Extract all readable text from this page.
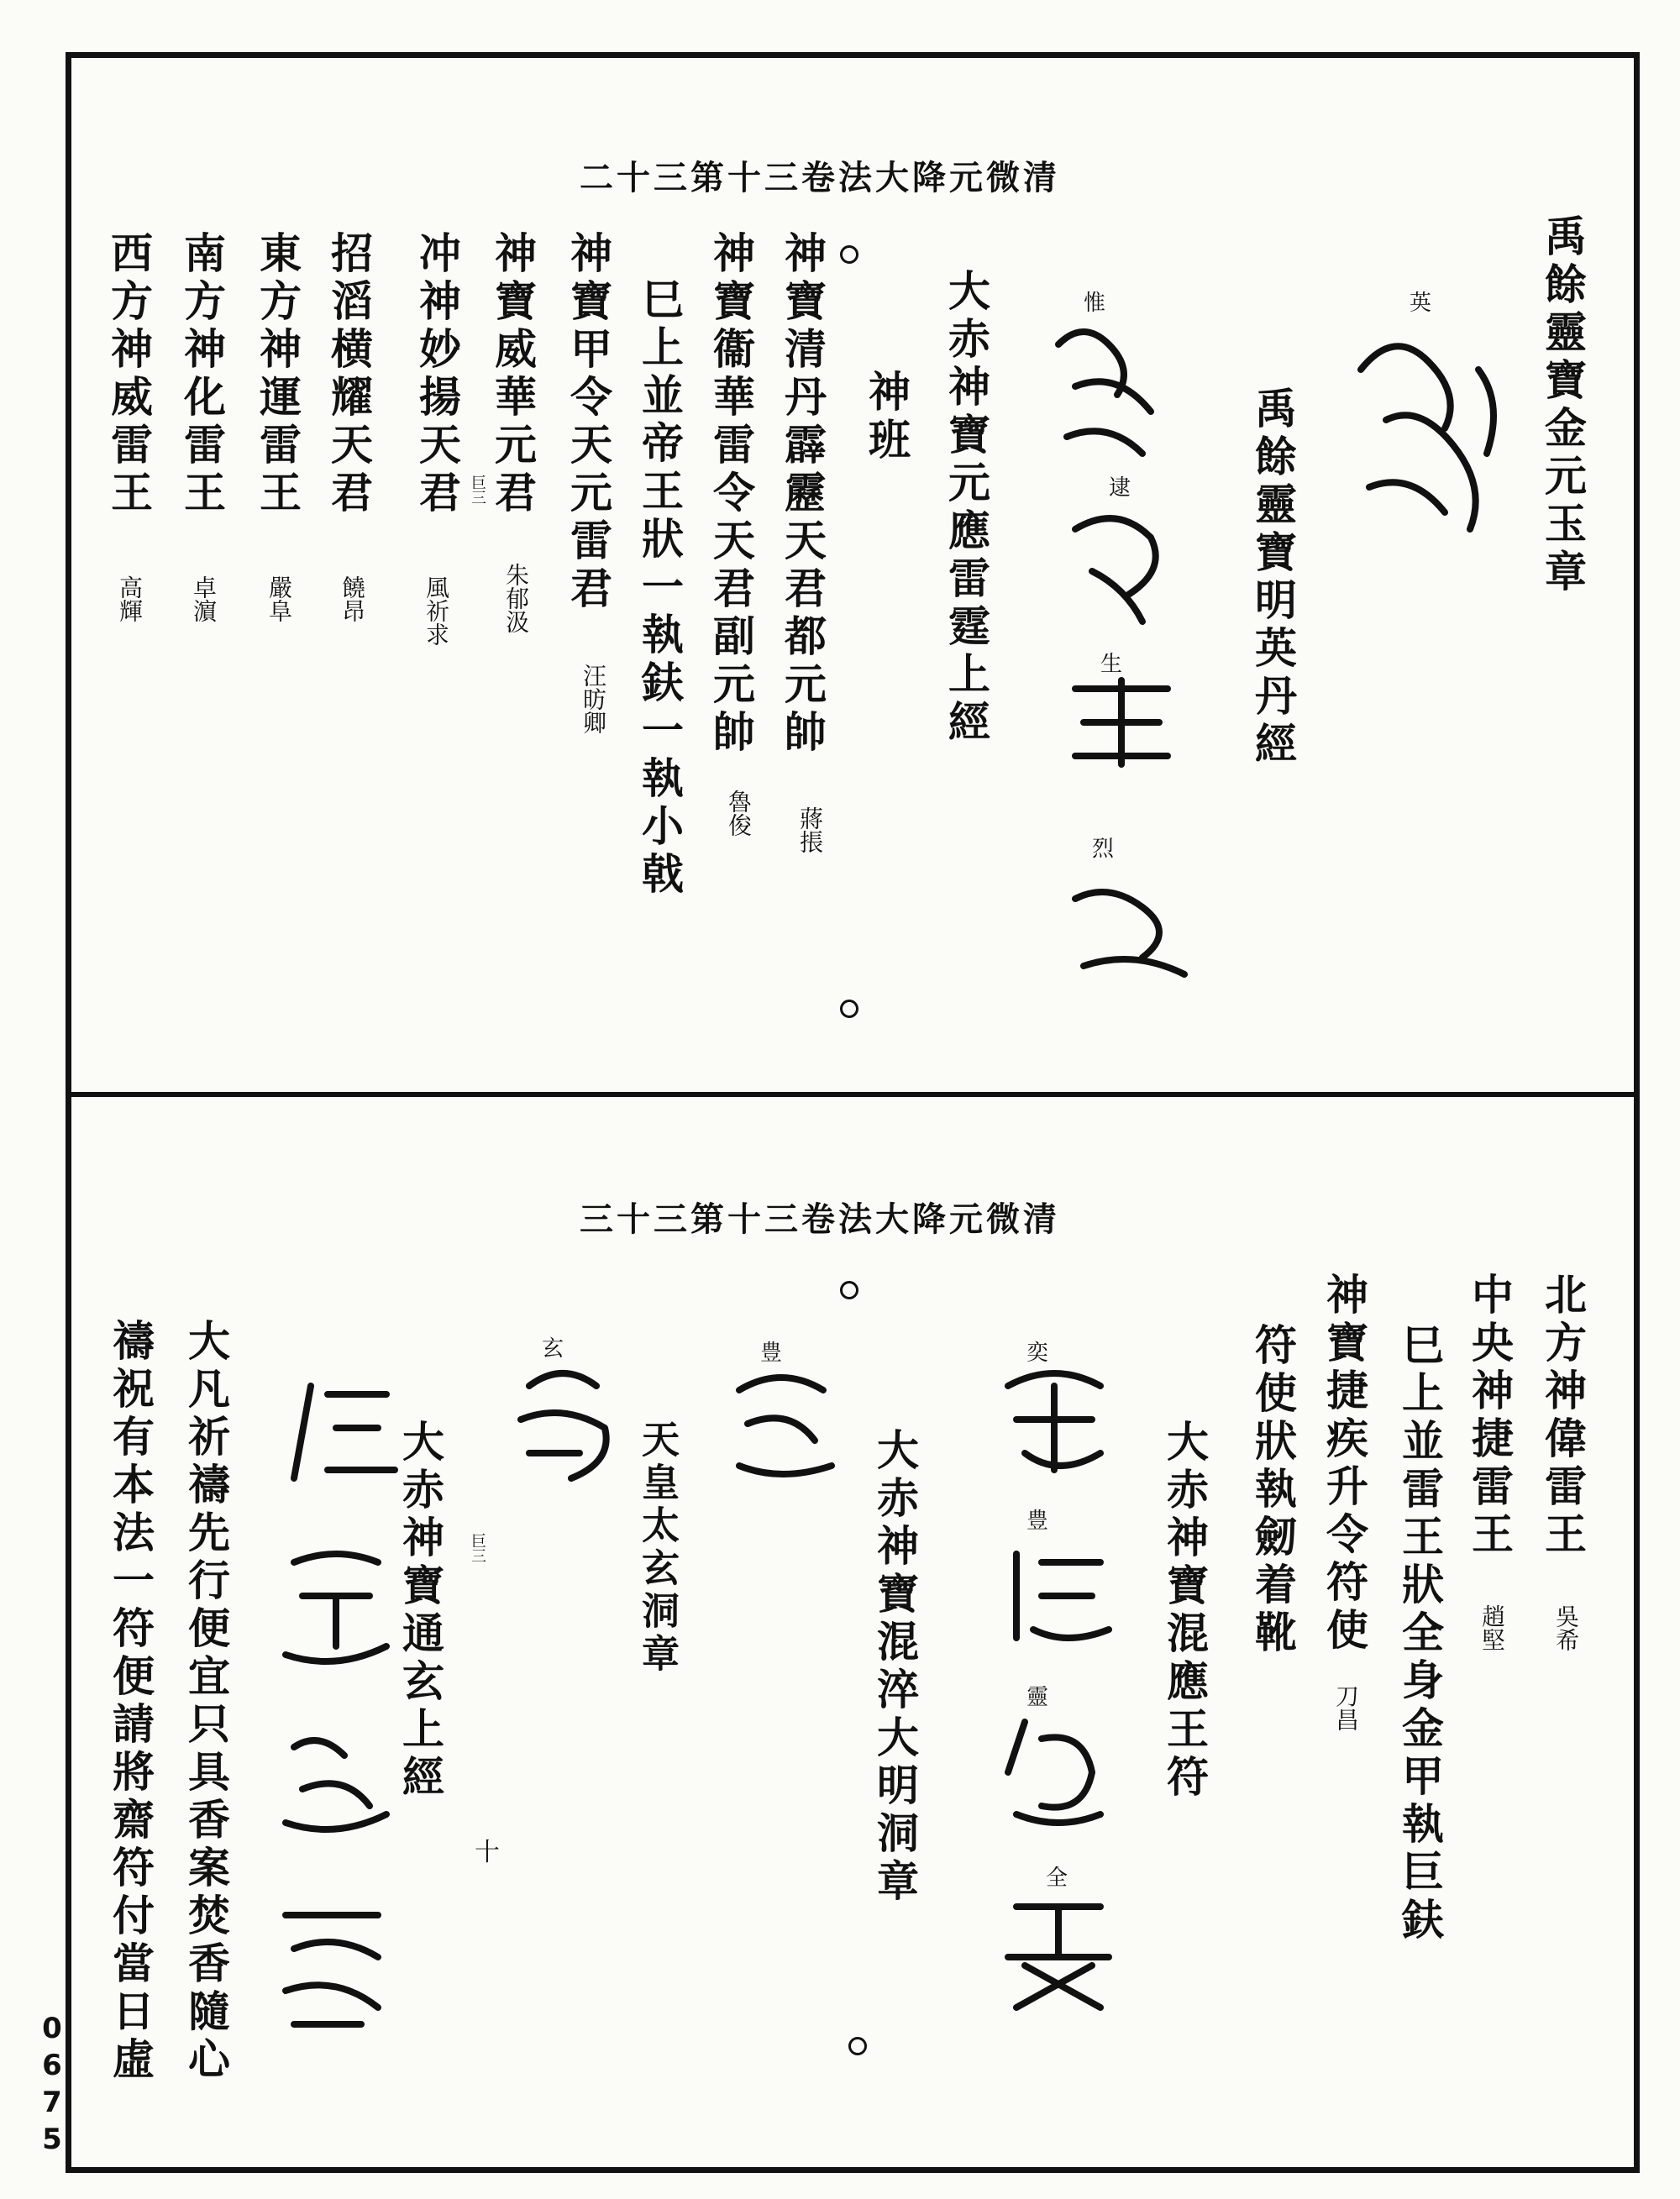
0675
清微元降大法卷三十第三十二
禹餘靈寶金元玉章
禹餘靈寶明英丹經
英
惟
逮
生
烈
大赤神寶元應雷霆上經
神班
神寶清丹霹靂天君都元帥
蔣掁
神寶衞華雷令天君副元帥
魯俊
巳上並帝王狀一執鈇一執小戟
神寶甲令天元雷君
汪昉卿
神寶威華元君
朱郁汲
巨三
冲神妙揚天君
風祈求
招滔横耀天君
饒昂
東方神運雷王
嚴阜
南方神化雷王
卓濵
西方神威雷王
高輝
清微元降大法卷三十第三十三
北方神偉雷王
吳希
中央神捷雷王
趙堅
巳上並雷王狀全身金甲執巨鈇
神寶捷疾升令符使
刀昌
符使狀執劒着靴
大赤神寶混應王符
奕
豊
靈
全
大赤神寶混淬大明洞章
豊
天皇太玄洞章
玄
大赤神寶通玄上經 巨三
十
大凡祈禱先行便宜只具香案焚香隨心
禱祝有本法一符便請將齋符付當日虛
